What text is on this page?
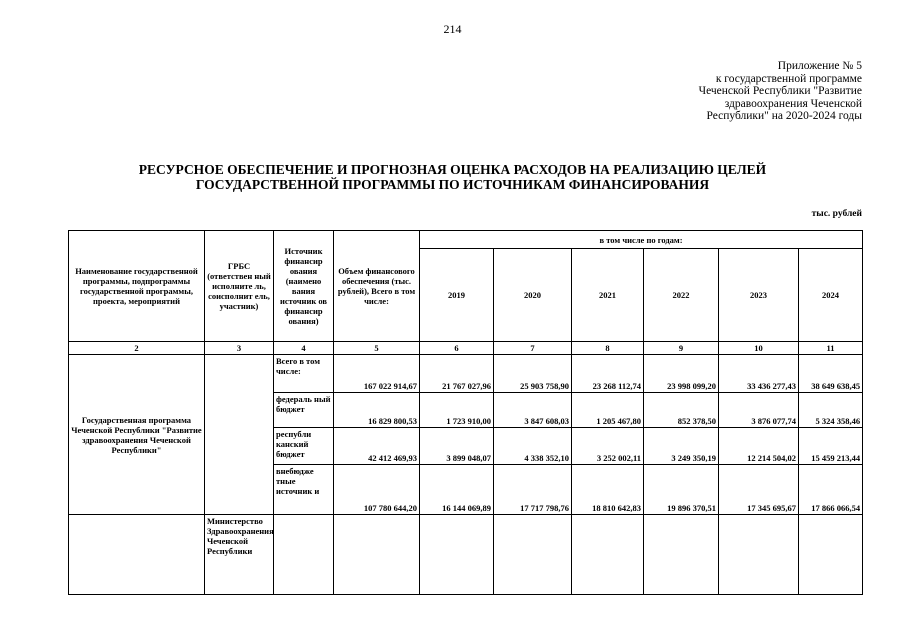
214
Приложение № 5
к государственной программе
Чеченской Республики "Развитие
здравоохранения Чеченской
Республики" на 2020-2024 годы
РЕСУРСНОЕ ОБЕСПЕЧЕНИЕ И ПРОГНОЗНАЯ ОЦЕНКА РАСХОДОВ НА РЕАЛИЗАЦИЮ ЦЕЛЕЙ
ГОСУДАРСТВЕННОЙ ПРОГРАММЫ ПО ИСТОЧНИКАМ ФИНАНСИРОВАНИЯ
тыс. рублей
Наименование государственной программы, подпрограммы государственной программы, проекта, мероприятий	ГРБС (ответствен ный исполните ль, соисполнит ель, участник)	Источник финансир ования (наимено вания источник ов финансир ования)	Объем финансового обеспечения (тыс. рублей), Всего в том числе:	в том числе по годам:					
				2019	2020	2021	2022	2023	2024
2	3	4	5	6	7	8	9	10	11
Государственная программа Чеченской Республики "Развитие здравоохранения Чеченской Республики"		Всего в том числе:	167 022 914,67	21 767 027,96	25 903 758,90	23 268 112,74	23 998 099,20	33 436 277,43	38 649 638,45
		федераль ный бюджет	16 829 800,53	1 723 910,00	3 847 608,03	1 205 467,80	852 378,50	3 876 077,74	5 324 358,46
		республи канский бюджет	42 412 469,93	3 899 048,07	4 338 352,10	3 252 002,11	3 249 350,19	12 214 504,02	15 459 213,44
		внебюдже тные источник и	107 780 644,20	16 144 069,89	17 717 798,76	18 810 642,83	19 896 370,51	17 345 695,67	17 866 066,54
	Министерство Здравоохранения Чеченской Республики								
